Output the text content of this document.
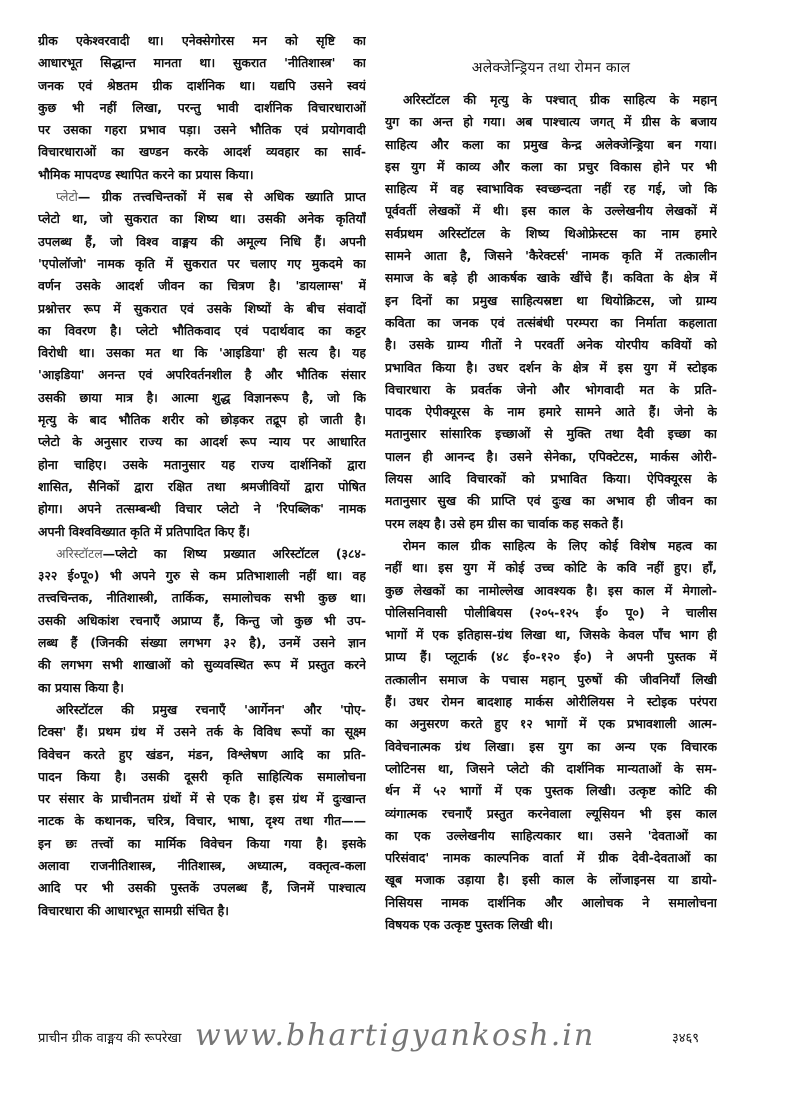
ग्रीक एकेश्वरवादी था। एनेक्सेगोरस मन को सृष्टि का
आधारभूत सिद्धान्त मानता था। सुकरात 'नीतिशास्त्र' का
जनक एवं श्रेष्ठतम ग्रीक दार्शनिक था। यद्यपि उसने स्वयं
कुछ भी नहीं लिखा, परन्तु भावी दार्शनिक विचारधाराओं
पर उसका गहरा प्रभाव पड़ा। उसने भौतिक एवं प्रयोगवादी
विचारधाराओं का खण्डन करके आदर्श व्यवहार का सार्व-
भौमिक मापदण्ड स्थापित करने का प्रयास किया।
प्लेटो— ग्रीक तत्त्वचिन्तकों में सब से अधिक ख्याति प्राप्त
प्लेटो था, जो सुकरात का शिष्य था। उसकी अनेक कृतियाँ
उपलब्ध हैं, जो विश्व वाङ्मय की अमूल्य निधि हैं। अपनी
'एपोलॉजो' नामक कृति में सुकरात पर चलाए गए मुकदमे का
वर्णन उसके आदर्श जीवन का चित्रण है। 'डायलाग्स' में
प्रश्नोत्तर रूप में सुकरात एवं उसके शिष्यों के बीच संवादों
का विवरण है। प्लेटो भौतिकवाद एवं पदार्थवाद का कट्टर
विरोधी था। उसका मत था कि 'आइडिया' ही सत्य है। यह
'आइडिया' अनन्त एवं अपरिवर्तनशील है और भौतिक संसार
उसकी छाया मात्र है। आत्मा शुद्ध विज्ञानरूप है, जो कि
मृत्यु के बाद भौतिक शरीर को छोड़कर तद्रूप हो जाती है।
प्लेटो के अनुसार राज्य का आदर्श रूप न्याय पर आधारित
होना चाहिए। उसके मतानुसार यह राज्य दार्शनिकों द्वारा
शासित, सैनिकों द्वारा रक्षित तथा श्रमजीवियों द्वारा पोषित
होगा। अपने तत्सम्बन्धी विचार प्लेटो ने 'रिपब्लिक' नामक
अपनी विश्वविख्यात कृति में प्रतिपादित किए हैं।
अरिस्टॉटल—प्लेटो का शिष्य प्रख्यात अरिस्टॉटल (३८४-
३२२ ई०पू०) भी अपने गुरु से कम प्रतिभाशाली नहीं था। वह
तत्त्वचिन्तक, नीतिशास्त्री, तार्किक, समालोचक सभी कुछ था।
उसकी अधिकांश रचनाएँ अप्राप्य हैं, किन्तु जो कुछ भी उप-
लब्ध हैं (जिनकी संख्या लगभग ३२ है), उनमें उसने ज्ञान
की लगभग सभी शाखाओं को सुव्यवस्थित रूप में प्रस्तुत करने
का प्रयास किया है।
अरिस्टॉटल की प्रमुख रचनाएँ 'आर्गेनन' और 'पोए-
टिक्स' हैं। प्रथम ग्रंथ में उसने तर्क के विविध रूपों का सूक्ष्म
विवेचन करते हुए खंडन, मंडन, विश्लेषण आदि का प्रति-
पादन किया है। उसकी दूसरी कृति साहित्यिक समालोचना
पर संसार के प्राचीनतम ग्रंथों में से एक है। इस ग्रंथ में दुःखान्त
नाटक के कथानक, चरित्र, विचार, भाषा, दृश्य तथा गीत——
इन छः तत्त्वों का मार्मिक विवेचन किया गया है। इसके
अलावा राजनीतिशास्त्र, नीतिशास्त्र, अध्यात्म, वक्तृत्व-कला
आदि पर भी उसकी पुस्तकें उपलब्ध हैं, जिनमें पाश्चात्य
विचारधारा की आधारभूत सामग्री संचित है।
अलेक्जेन्ड्रियन तथा रोमन काल
अरिस्टॉटल की मृत्यु के पश्चात् ग्रीक साहित्य के महान्
युग का अन्त हो गया। अब पाश्चात्य जगत् में ग्रीस के बजाय
साहित्य और कला का प्रमुख केन्द्र अलेक्जेन्ड्रिया बन गया।
इस युग में काव्य और कला का प्रचुर विकास होने पर भी
साहित्य में वह स्वाभाविक स्वच्छन्दता नहीं रह गई, जो कि
पूर्ववर्ती लेखकों में थी। इस काल के उल्लेखनीय लेखकों में
सर्वप्रथम अरिस्टॉटल के शिष्य थिओफ्रेस्टस का नाम हमारे
सामने आता है, जिसने 'कैरेक्टर्स' नामक कृति में तत्कालीन
समाज के बड़े ही आकर्षक खाके खींचे हैं। कविता के क्षेत्र में
इन दिनों का प्रमुख साहित्यस्रष्टा था थियोक्रिटस, जो ग्राम्य
कविता का जनक एवं तत्संबंधी परम्परा का निर्माता कहलाता
है। उसके ग्राम्य गीतों ने परवर्ती अनेक योरपीय कवियों को
प्रभावित किया है। उधर दर्शन के क्षेत्र में इस युग में स्टोइक
विचारधारा के प्रवर्तक जेनो और भोगवादी मत के प्रति-
पादक ऐपीक्यूरस के नाम हमारे सामने आते हैं। जेनो के
मतानुसार सांसारिक इच्छाओं से मुक्ति तथा दैवी इच्छा का
पालन ही आनन्द है। उसने सेनेका, एपिक्टेटस, मार्कस ओरी-
लियस आदि विचारकों को प्रभावित किया। ऐपिक्यूरस के
मतानुसार सुख की प्राप्ति एवं दुःख का अभाव ही जीवन का
परम लक्ष्य है। उसे हम ग्रीस का चार्वाक कह सकते हैं।
रोमन काल ग्रीक साहित्य के लिए कोई विशेष महत्व का
नहीं था। इस युग में कोई उच्च कोटि के कवि नहीं हुए। हाँ,
कुछ लेखकों का नामोल्लेख आवश्यक है। इस काल में मेगालो-
पोलिसनिवासी पोलीबियस (२०५-१२५ ई० पू०) ने चालीस
भागों में एक इतिहास-ग्रंथ लिखा था, जिसके केवल पाँच भाग ही
प्राप्य हैं। प्लूटार्क (४८ ई०-१२० ई०) ने अपनी पुस्तक में
तत्कालीन समाज के पचास महान् पुरुषों की जीवनियाँ लिखी
हैं। उधर रोमन बादशाह मार्कस ओरीलियस ने स्टोइक परंपरा
का अनुसरण करते हुए १२ भागों में एक प्रभावशाली आत्म-
विवेचनात्मक ग्रंथ लिखा। इस युग का अन्य एक विचारक
प्लोटिनस था, जिसने प्लेटो की दार्शनिक मान्यताओं के सम-
र्थन में ५२ भागों में एक पुस्तक लिखी। उत्कृष्ट कोटि की
व्यंगात्मक रचनाएँ प्रस्तुत करनेवाला ल्यूसियन भी इस काल
का एक उल्लेखनीय साहित्यकार था। उसने 'देवताओं का
परिसंवाद' नामक काल्पनिक वार्ता में ग्रीक देवी-देवताओं का
खूब मजाक उड़ाया है। इसी काल के लोंजाइनस या डायो-
निसियस नामक दार्शनिक और आलोचक ने समालोचना
विषयक एक उत्कृष्ट पुस्तक लिखी थी।
प्राचीन ग्रीक वाङ्मय की रूपरेखा www.bhartigyankosh.in	३४६९
